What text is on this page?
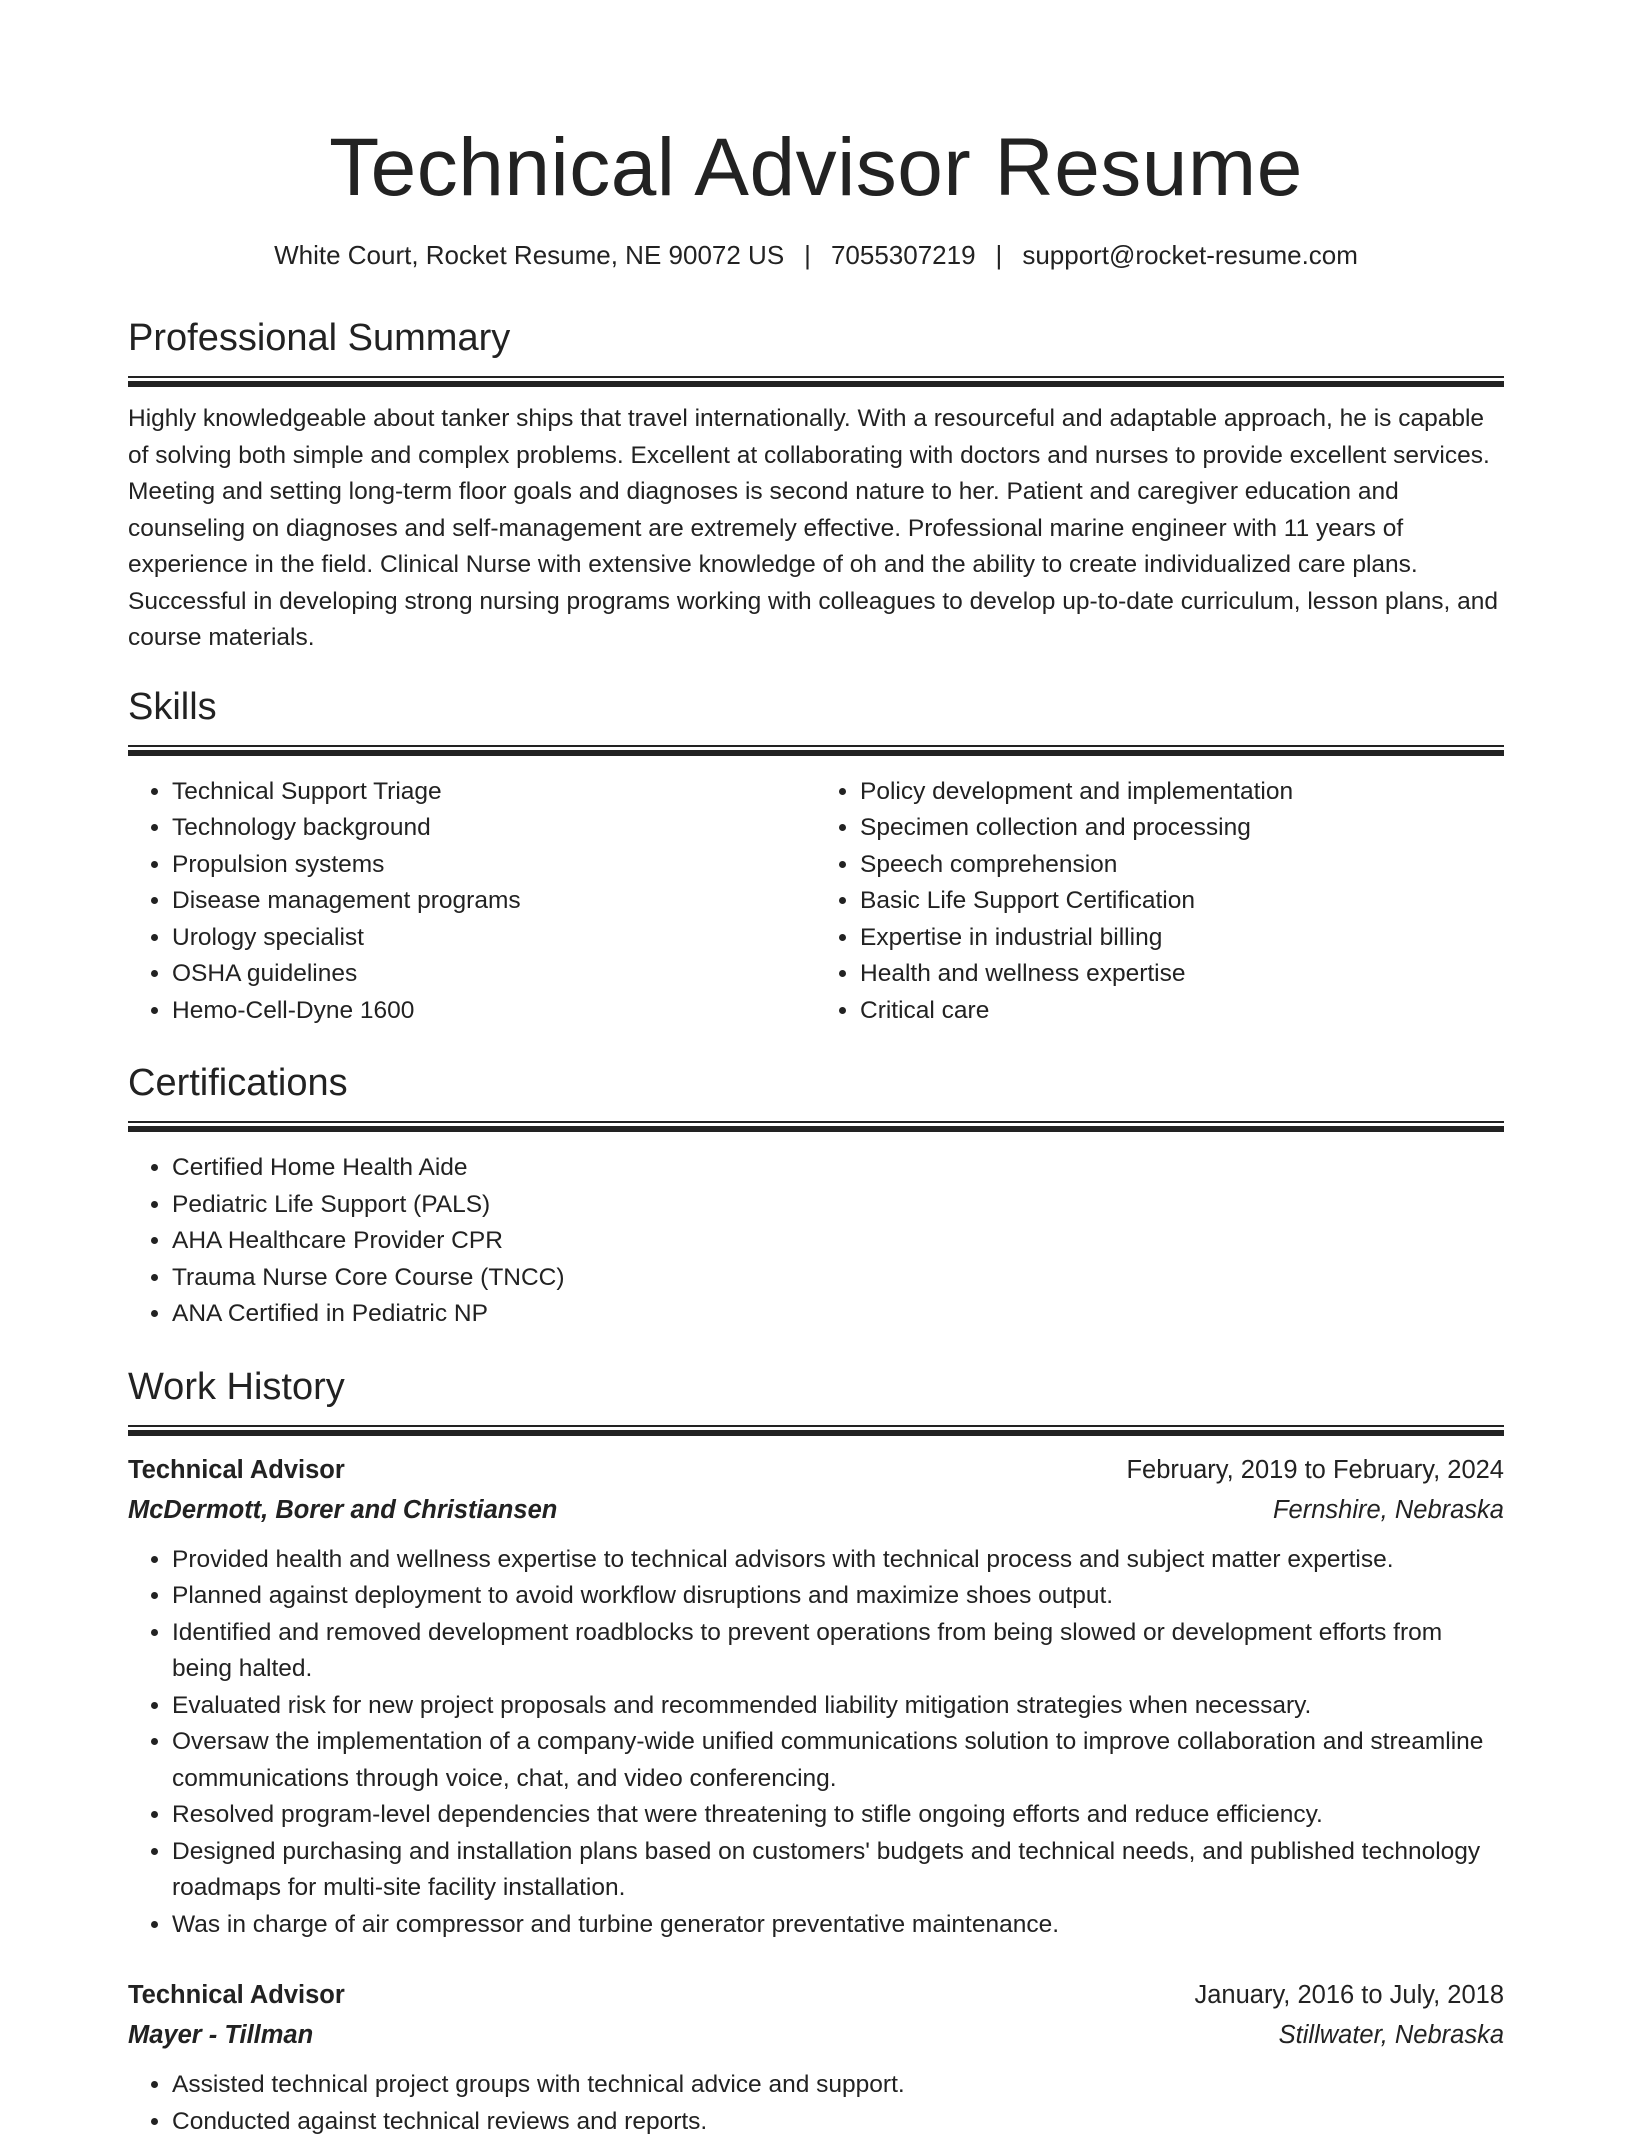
Technical Advisor Resume
White Court, Rocket Resume, NE 90072 US | 7055307219 | support@rocket-resume.com
Professional Summary

Highly knowledgeable about tanker ships that travel internationally. With a resourceful and adaptable approach, he is capable of solving both simple and complex problems. Excellent at collaborating with doctors and nurses to provide excellent services. Meeting and setting long-term floor goals and diagnoses is second nature to her. Patient and caregiver education and counseling on diagnoses and self-management are extremely effective. Professional marine engineer with 11 years of experience in the field. Clinical Nurse with extensive knowledge of oh and the ability to create individualized care plans. Successful in developing strong nursing programs working with colleagues to develop up-to-date curriculum, lesson plans, and course materials.

Skills
• Technical Support Triage
• Technology background
• Propulsion systems
• Disease management programs
• Urology specialist
• OSHA guidelines
• Hemo-Cell-Dyne 1600
• Policy development and implementation
• Specimen collection and processing
• Speech comprehension
• Basic Life Support Certification
• Expertise in industrial billing
• Health and wellness expertise
• Critical care
Certifications
• Certified Home Health Aide
• Pediatric Life Support (PALS)
• AHA Healthcare Provider CPR
• Trauma Nurse Core Course (TNCC)
• ANA Certified in Pediatric NP
Work History
Technical Advisor	February, 2019 to February, 2024
McDermott, Borer and Christiansen	Fernshire, Nebraska
• Provided health and wellness expertise to technical advisors with technical process and subject matter expertise.
• Planned against deployment to avoid workflow disruptions and maximize shoes output.
• Identified and removed development roadblocks to prevent operations from being slowed or development efforts from being halted.
• Evaluated risk for new project proposals and recommended liability mitigation strategies when necessary.
• Oversaw the implementation of a company-wide unified communications solution to improve collaboration and streamline communications through voice, chat, and video conferencing.
• Resolved program-level dependencies that were threatening to stifle ongoing efforts and reduce efficiency.
• Designed purchasing and installation plans based on customers' budgets and technical needs, and published technology roadmaps for multi-site facility installation.
• Was in charge of air compressor and turbine generator preventative maintenance.
Technical Advisor	January, 2016 to July, 2018
Mayer - Tillman	Stillwater, Nebraska
• Assisted technical project groups with technical advice and support.
• Conducted against technical reviews and reports.
